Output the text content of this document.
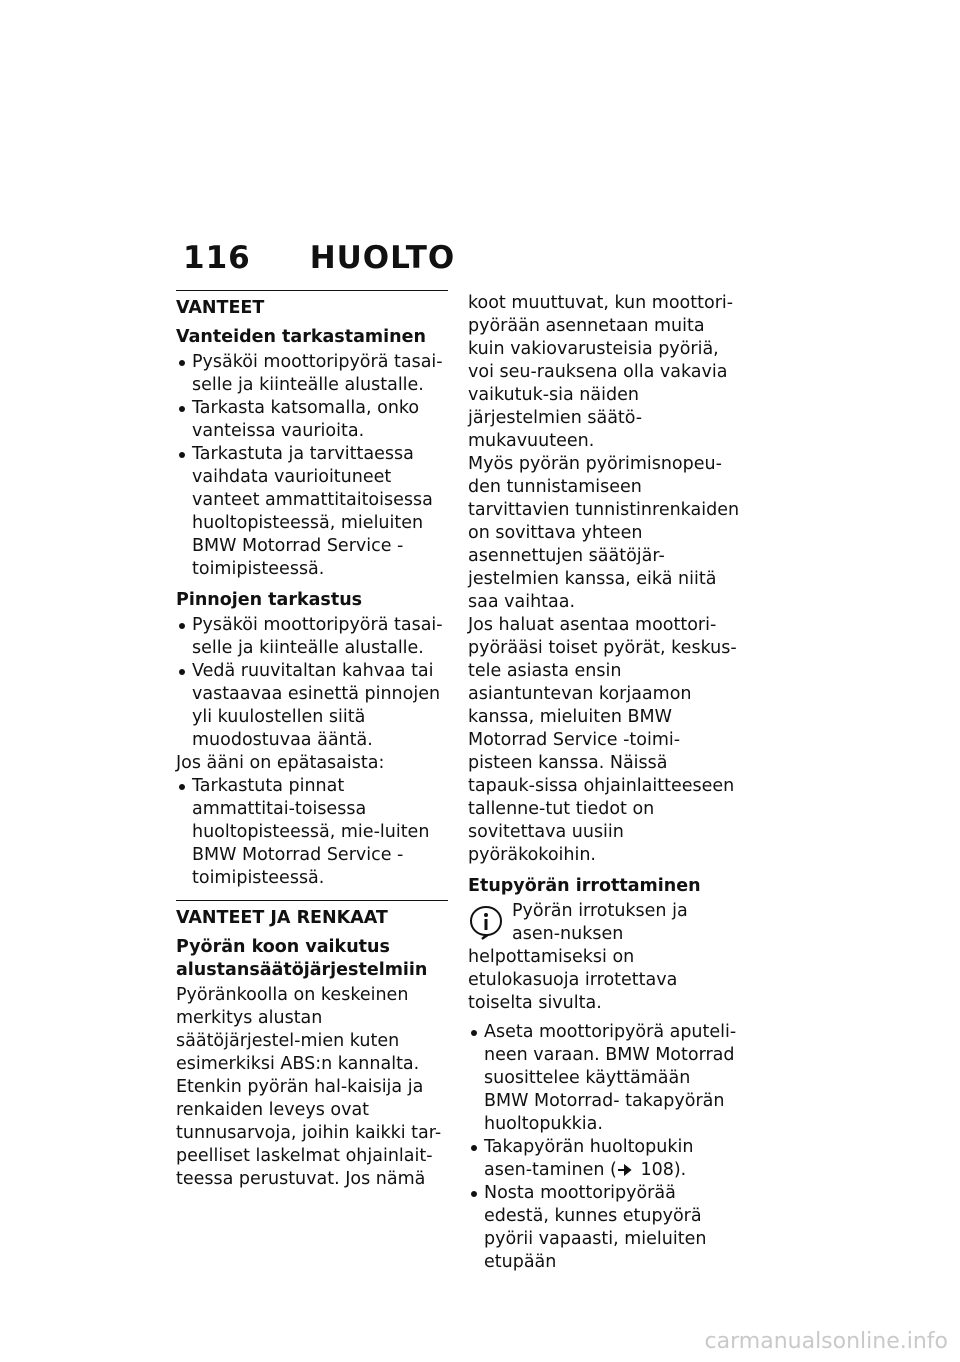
116 HUOLTO
VANTEET
Vanteiden tarkastaminen
Pysäköi moottoripyörä tasai-selle ja kiinteälle alustalle.
Tarkasta katsomalla, onko vanteissa vaurioita.
Tarkastuta ja tarvittaessa vaihdata vaurioituneet vanteet ammattitaitoisessa huoltopisteessä, mieluiten BMW Motorrad Service -toimipisteessä.
Pinnojen tarkastus
Pysäköi moottoripyörä tasai-selle ja kiinteälle alustalle.
Vedä ruuvitaltan kahvaa tai vastaavaa esinettä pinnojen yli kuulostellen siitä muodostuvaa ääntä.

Jos ääni on epätasaista:

Tarkastuta pinnat ammattitai-toisessa huoltopisteessä, mie-luiten BMW Motorrad Service -toimipisteessä.
VANTEET JA RENKAAT
Pyörän koon vaikutus alustansäätöjärjestelmiin

Pyöränkoolla on keskeinen merkitys alustan säätöjärjestel-mien kuten esimerkiksi ABS:n kannalta. Etenkin pyörän hal-kaisija ja renkaiden leveys ovat tunnusarvoja, joihin kaikki tar-peelliset laskelmat ohjainlait-teessa perustuvat. Jos nämä

koot muuttuvat, kun moottori-pyörään asennetaan muita kuin vakiovarusteisia pyöriä, voi seu-rauksena olla vakavia vaikutuk-sia näiden järjestelmien säätö-mukavuuteen.

Myös pyörän pyörimisnopeu-den tunnistamiseen tarvittavien tunnistinrenkaiden on sovittava yhteen asennettujen säätöjär-jestelmien kanssa, eikä niitä saa vaihtaa.

Jos haluat asentaa moottori-pyörääsi toiset pyörät, keskus-tele asiasta ensin asiantuntevan korjaamon kanssa, mieluiten BMW Motorrad Service -toimi-pisteen kanssa. Näissä tapauk-sissa ohjainlaitteeseen tallenne-tut tiedot on sovitettava uusiin pyöräkokoihin.

Etupyörän irrottaminen

Pyörän irrotuksen ja asen-nuksen helpottamiseksi on etulokasuoja irrotettava toiselta sivulta.

Aseta moottoripyörä aputeli-neen varaan. BMW Motorrad suosittelee käyttämään BMW Motorrad- takapyörän huoltopukkia.
Takapyörän huoltopukin asen-taminen ( 108).
Nosta moottoripyörää edestä, kunnes etupyörä pyörii vapaasti, mieluiten etupään
carmanualsonline.info
